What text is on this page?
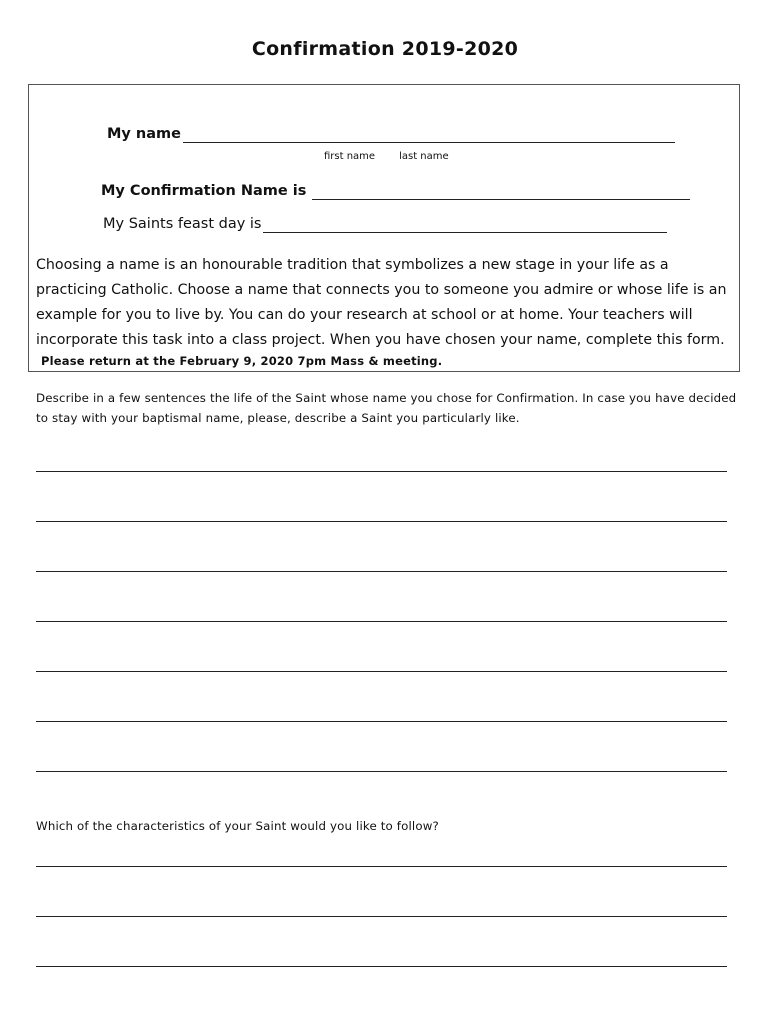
Confirmation 2019-2020
My name
first name last name
My Confirmation Name is
My Saints feast day is
Choosing a name is an honourable tradition that symbolizes a new stage in your life as a practicing Catholic. Choose a name that connects you to someone you admire or whose life is an example for you to live by. You can do your research at school or at home. Your teachers will incorporate this task into a class project. When you have chosen your name, complete this form.
Please return at the February 9, 2020 7pm Mass & meeting.
Describe in a few sentences the life of the Saint whose name you chose for Confirmation. In case you have decided to stay with your baptismal name, please, describe a Saint you particularly like.
Which of the characteristics of your Saint would you like to follow?
